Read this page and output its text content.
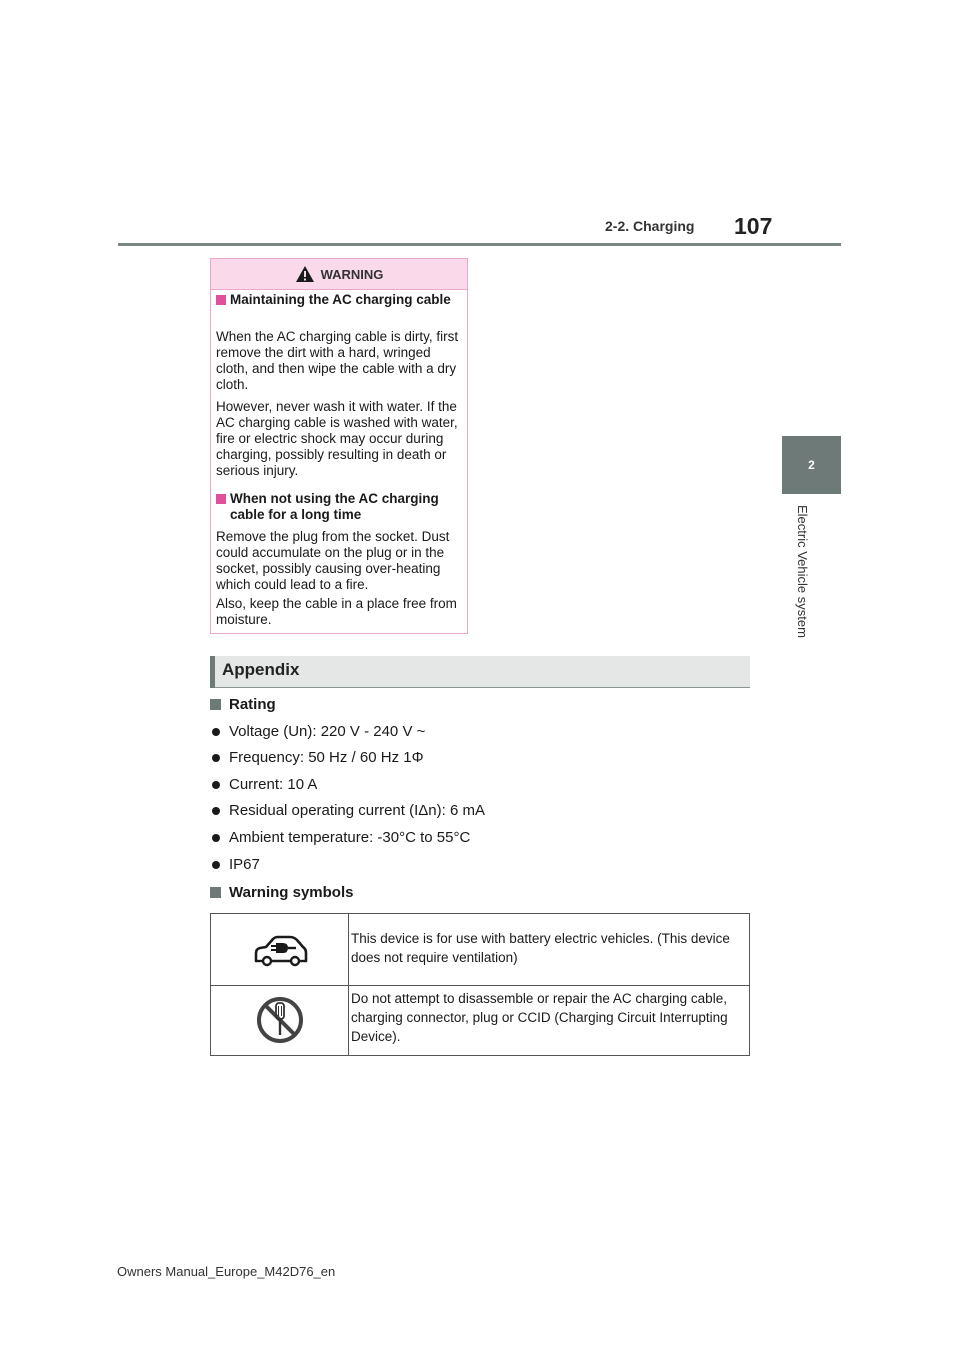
2-2. Charging 107
2
Electric Vehicle system
WARNING
Maintaining the AC charging cable
When the AC charging cable is dirty, first remove the dirt with a hard, wringed cloth, and then wipe the cable with a dry cloth.
However, never wash it with water. If the AC charging cable is washed with water, fire or electric shock may occur during charging, possibly resulting in death or serious injury.
When not using the AC charging cable for a long time
Remove the plug from the socket. Dust could accumulate on the plug or in the socket, possibly causing over-heating which could lead to a fire.
Also, keep the cable in a place free from moisture.
Appendix
Rating
Voltage (Un): 220 V - 240 V ~
Frequency: 50 Hz / 60 Hz 1Φ
Current: 10 A
Residual operating current (IΔn): 6 mA
Ambient temperature: -30°C to 55°C
IP67
Warning symbols
This device is for use with battery electric vehicles. (This device does not require ventilation)
Do not attempt to disassemble or repair the AC charging cable, charging connector, plug or CCID (Charging Circuit Interrupting Device).
Owners Manual_Europe_M42D76_en
